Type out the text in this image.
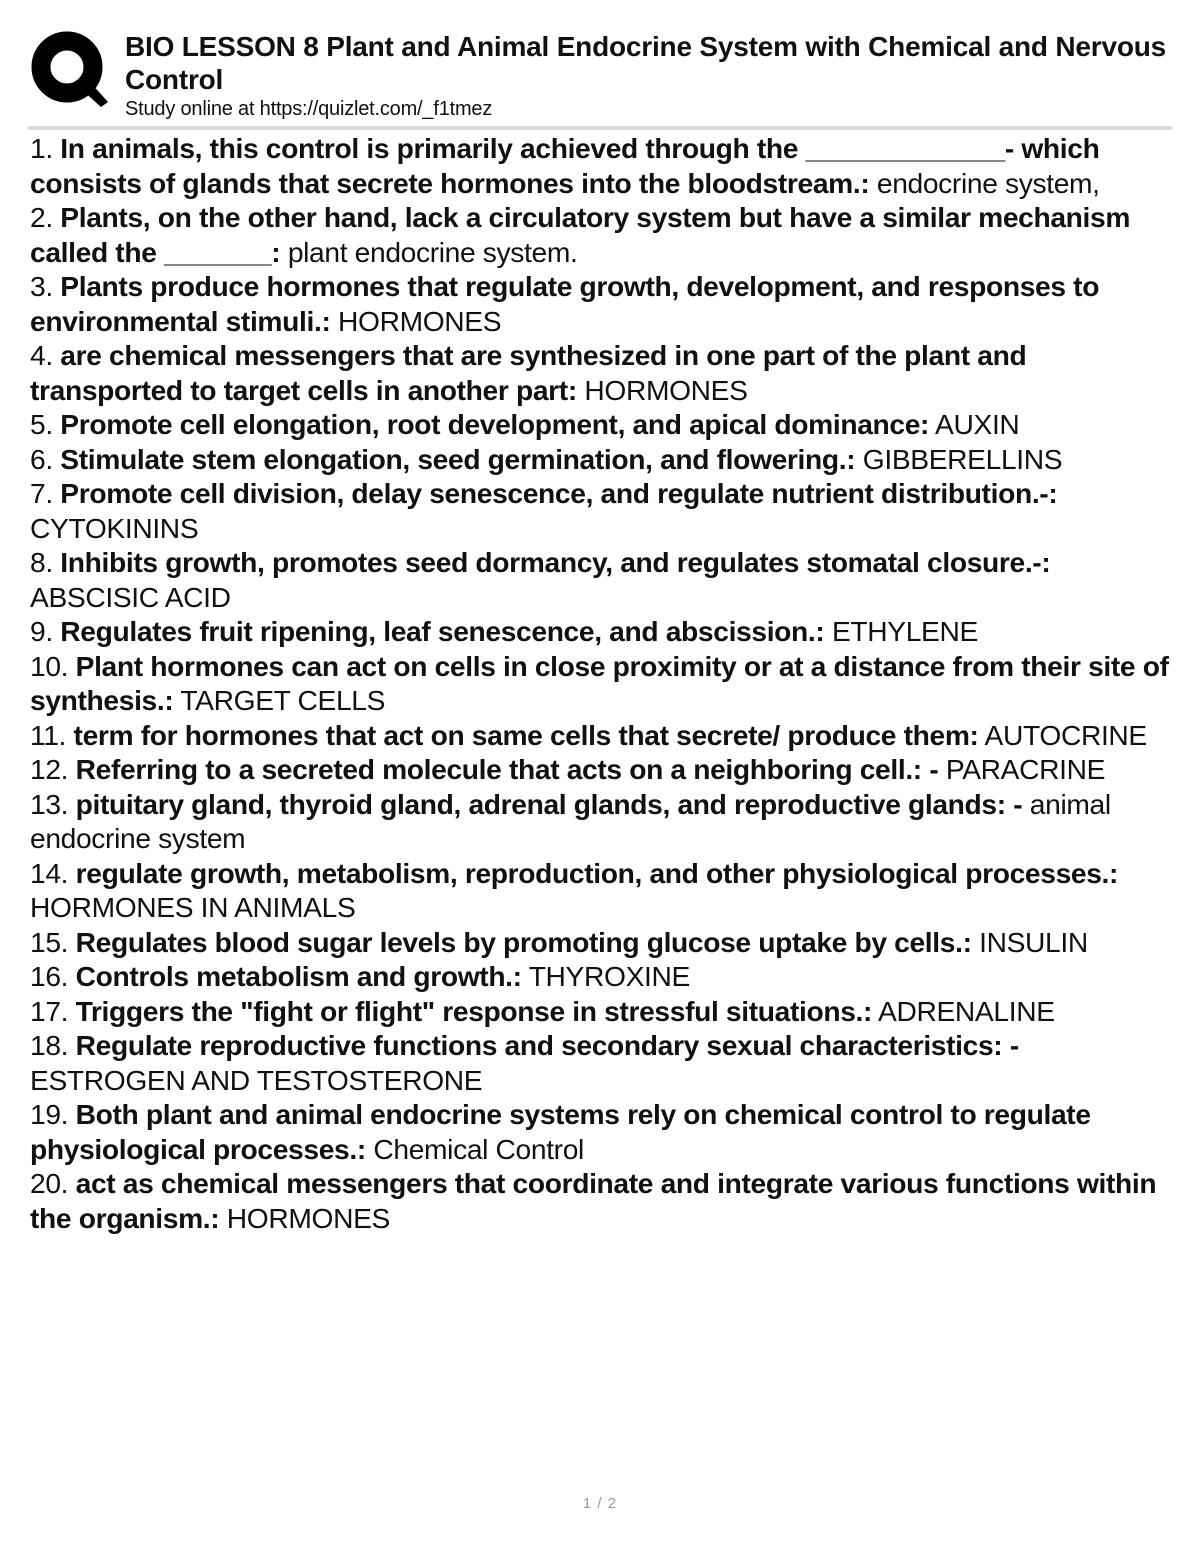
BIO LESSON 8 Plant and Animal Endocrine System with Chemical and Nervous Control
Study online at https://quizlet.com/_f1tmez

1. In animals, this control is primarily achieved through the _____________- which consists of glands that secrete hormones into the bloodstream.: endocrine system,

2. Plants, on the other hand, lack a circulatory system but have a similar mechanism called the _______: plant endocrine system.

3. Plants produce hormones that regulate growth, development, and responses to environmental stimuli.: HORMONES

4. are chemical messengers that are synthesized in one part of the plant and transported to target cells in another part: HORMONES

5. Promote cell elongation, root development, and apical dominance: AUXIN

6. Stimulate stem elongation, seed germination, and flowering.: GIBBERELLINS

7. Promote cell division, delay senescence, and regulate nutrient distribution.-: CYTOKININS

8. Inhibits growth, promotes seed dormancy, and regulates stomatal closure.-: ABSCISIC ACID

9. Regulates fruit ripening, leaf senescence, and abscission.: ETHYLENE

10. Plant hormones can act on cells in close proximity or at a distance from their site of synthesis.: TARGET CELLS

11. term for hormones that act on same cells that secrete/ produce them: AUTOCRINE

12. Referring to a secreted molecule that acts on a neighboring cell.: - PARACRINE

13. pituitary gland, thyroid gland, adrenal glands, and reproductive glands: - animal endocrine system

14. regulate growth, metabolism, reproduction, and other physiological processes.: HORMONES IN ANIMALS

15. Regulates blood sugar levels by promoting glucose uptake by cells.: INSULIN

16. Controls metabolism and growth.: THYROXINE

17. Triggers the "fight or flight" response in stressful situations.: ADRENALINE

18. Regulate reproductive functions and secondary sexual characteristics: - ESTROGEN AND TESTOSTERONE

19. Both plant and animal endocrine systems rely on chemical control to regulate physiological processes.: Chemical Control

20. act as chemical messengers that coordinate and integrate various functions within the organism.: HORMONES

1 / 2
